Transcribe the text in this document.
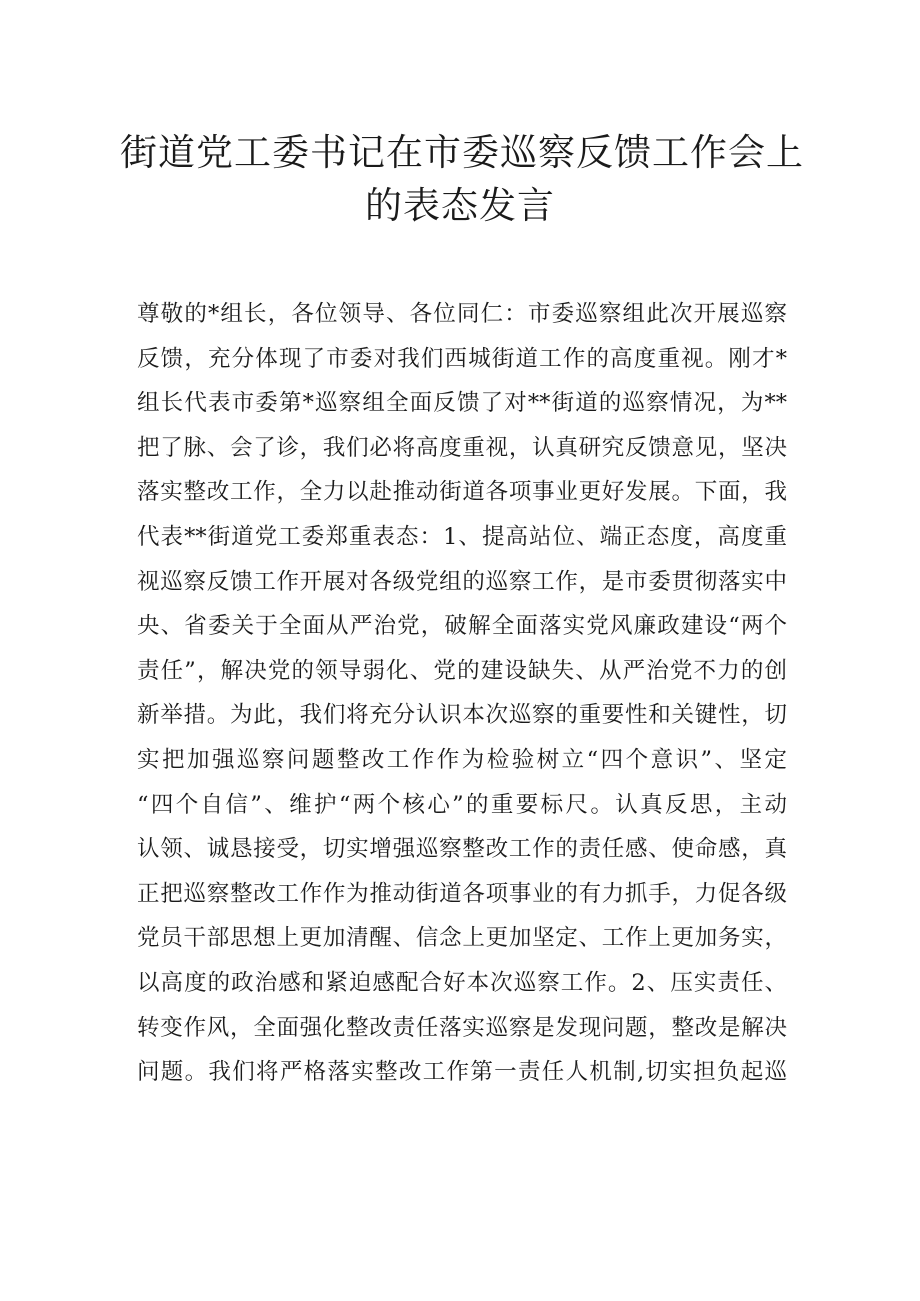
街道党工委书记在市委巡察反馈工作会上
的表态发言
尊敬的*组长，各位领导、各位同仁：市委巡察组此次开展巡察
反馈，充分体现了市委对我们西城街道工作的高度重视。刚才*
组长代表市委第*巡察组全面反馈了对**街道的巡察情况，为**
把了脉、会了诊，我们必将高度重视，认真研究反馈意见，坚决
落实整改工作，全力以赴推动街道各项事业更好发展。下面，我
代表**街道党工委郑重表态：1、提高站位、端正态度，高度重
视巡察反馈工作开展对各级党组的巡察工作，是市委贯彻落实中
央、省委关于全面从严治党，破解全面落实党风廉政建设“两个
责任”，解决党的领导弱化、党的建设缺失、从严治党不力的创
新举措。为此，我们将充分认识本次巡察的重要性和关键性，切
实把加强巡察问题整改工作作为检验树立“四个意识”、坚定
“四个自信”、维护“两个核心”的重要标尺。认真反思，主动
认领、诚恳接受，切实增强巡察整改工作的责任感、使命感，真
正把巡察整改工作作为推动街道各项事业的有力抓手，力促各级
党员干部思想上更加清醒、信念上更加坚定、工作上更加务实，
以高度的政治感和紧迫感配合好本次巡察工作。2、压实责任、
转变作风，全面强化整改责任落实巡察是发现问题，整改是解决
问题。我们将严格落实整改工作第一责任人机制,切实担负起巡
